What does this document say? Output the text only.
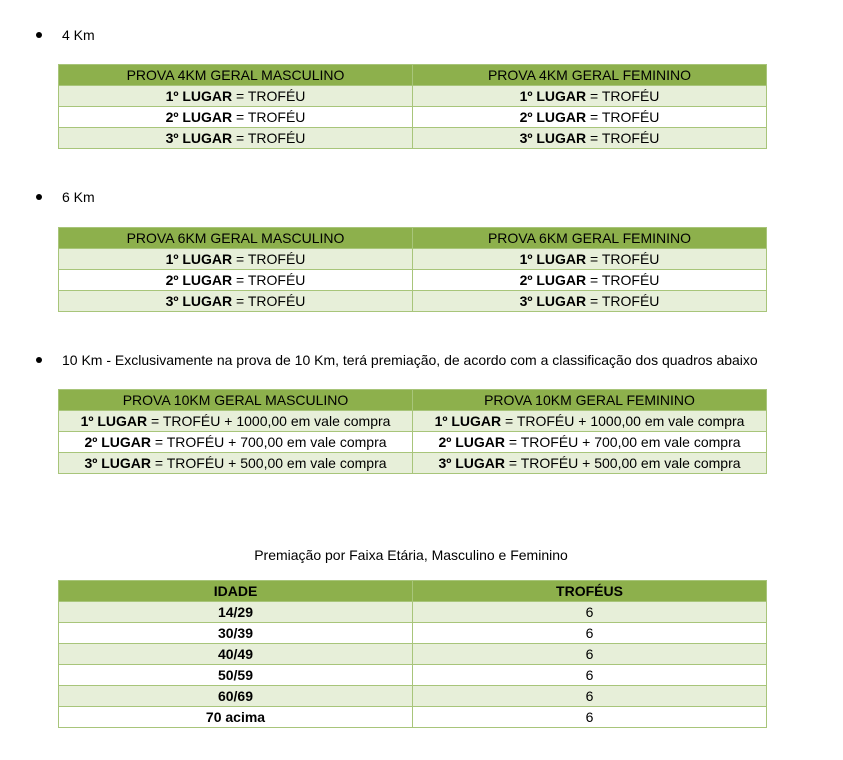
4 Km
PROVA 4KM GERAL MASCULINO	PROVA 4KM GERAL FEMININO
1º LUGAR = TROFÉU	1º LUGAR = TROFÉU
2º LUGAR = TROFÉU	2º LUGAR = TROFÉU
3º LUGAR = TROFÉU	3º LUGAR = TROFÉU
6 Km
PROVA 6KM GERAL MASCULINO	PROVA 6KM GERAL FEMININO
1º LUGAR = TROFÉU	1º LUGAR = TROFÉU
2º LUGAR = TROFÉU	2º LUGAR = TROFÉU
3º LUGAR = TROFÉU	3º LUGAR = TROFÉU
10 Km - Exclusivamente na prova de 10 Km, terá premiação, de acordo com a classificação dos quadros abaixo
PROVA 10KM GERAL MASCULINO	PROVA 10KM GERAL FEMININO
1º LUGAR = TROFÉU + 1000,00 em vale compra	1º LUGAR = TROFÉU + 1000,00 em vale compra
2º LUGAR = TROFÉU + 700,00 em vale compra	2º LUGAR = TROFÉU + 700,00 em vale compra
3º LUGAR = TROFÉU + 500,00 em vale compra	3º LUGAR = TROFÉU + 500,00 em vale compra
Premiação por Faixa Etária, Masculino e Feminino
IDADE	TROFÉUS
14/29	6
30/39	6
40/49	6
50/59	6
60/69	6
70 acima	6
